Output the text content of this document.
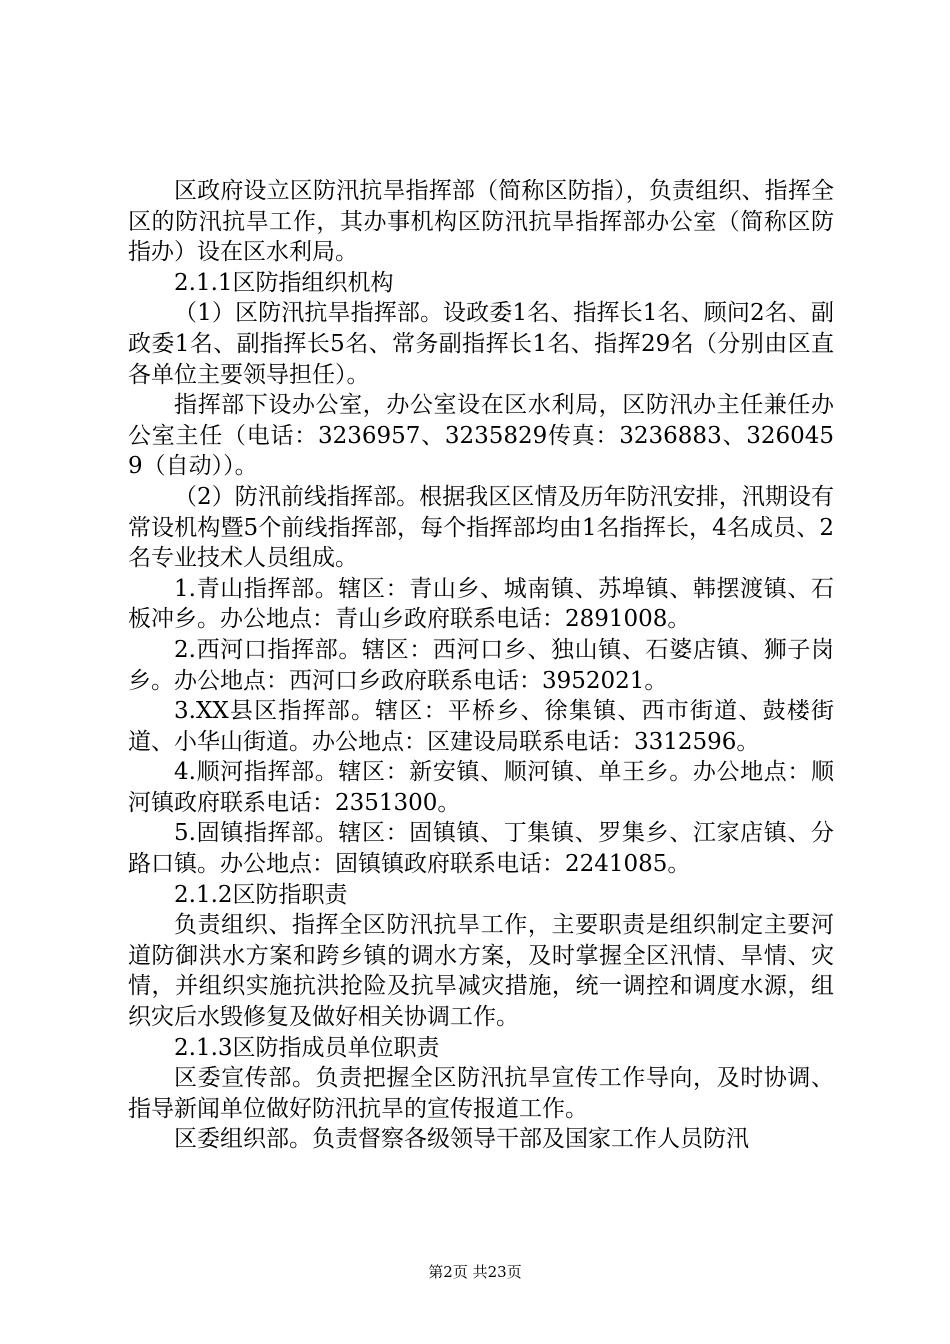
区政府设立区防汛抗旱指挥部（简称区防指），负责组织、指挥全区的防汛抗旱工作，其办事机构区防汛抗旱指挥部办公室（简称区防指办）设在区水利局。

2.1.1区防指组织机构

（1）区防汛抗旱指挥部。设政委1名、指挥长1名、顾问2名、副政委1名、副指挥长5名、常务副指挥长1名、指挥29名（分别由区直各单位主要领导担任）。

指挥部下设办公室，办公室设在区水利局，区防汛办主任兼任办公室主任（电话：3236957、3235829传真：3236883、3260459（自动））。

（2）防汛前线指挥部。根据我区区情及历年防汛安排，汛期设有常设机构暨5个前线指挥部，每个指挥部均由1名指挥长，4名成员、2名专业技术人员组成。

1.青山指挥部。辖区：青山乡、城南镇、苏埠镇、韩摆渡镇、石板冲乡。办公地点：青山乡政府联系电话：2891008。

2.西河口指挥部。辖区：西河口乡、独山镇、石婆店镇、狮子岗乡。办公地点：西河口乡政府联系电话：3952021。

3.XX县区指挥部。辖区：平桥乡、徐集镇、西市街道、鼓楼街道、小华山街道。办公地点：区建设局联系电话：3312596。

4.顺河指挥部。辖区：新安镇、顺河镇、单王乡。办公地点：顺河镇政府联系电话：2351300。

5.固镇指挥部。辖区：固镇镇、丁集镇、罗集乡、江家店镇、分路口镇。办公地点：固镇镇政府联系电话：2241085。

2.1.2区防指职责

负责组织、指挥全区防汛抗旱工作，主要职责是组织制定主要河道防御洪水方案和跨乡镇的调水方案，及时掌握全区汛情、旱情、灾情，并组织实施抗洪抢险及抗旱减灾措施，统一调控和调度水源，组织灾后水毁修复及做好相关协调工作。

2.1.3区防指成员单位职责

区委宣传部。负责把握全区防汛抗旱宣传工作导向，及时协调、指导新闻单位做好防汛抗旱的宣传报道工作。

区委组织部。负责督察各级领导干部及国家工作人员防汛

第2页 共23页
